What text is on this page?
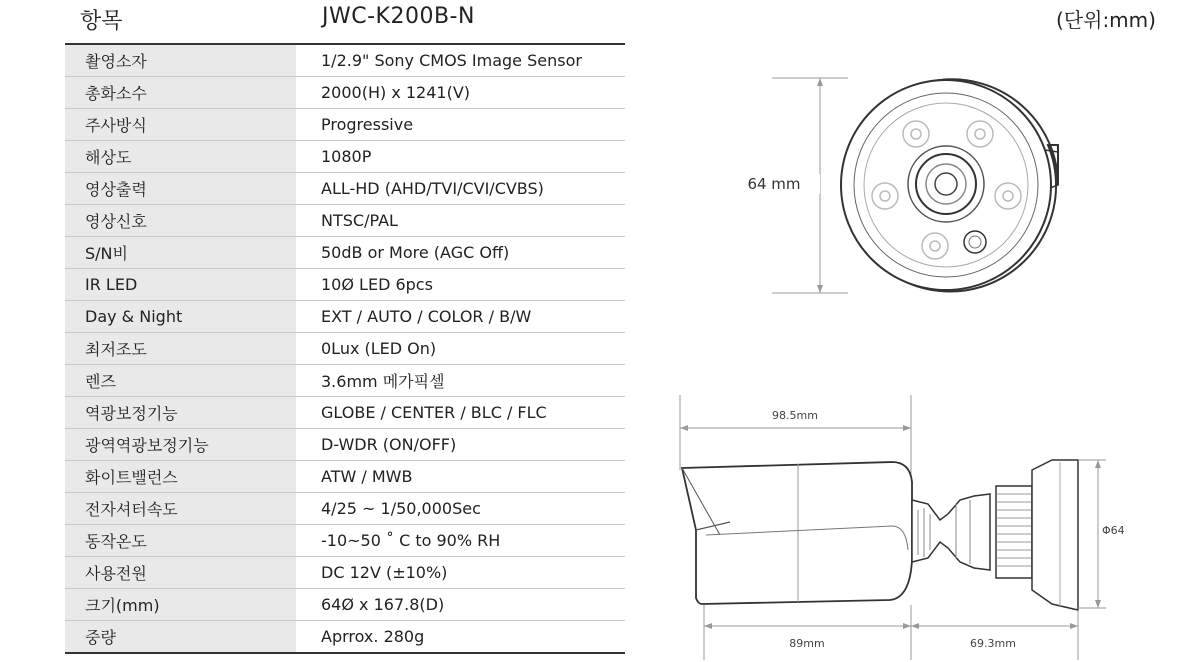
항목	JWC-K200B-N	(단위:mm)
촬영소자	1/2.9" Sony CMOS Image Sensor
총화소수	2000(H) x 1241(V)
주사방식	Progressive
해상도	1080P
영상출력	ALL-HD (AHD/TVI/CVI/CVBS)
영상신호	NTSC/PAL
S/N비	50dB or More (AGC Off)
IR LED	10Ø LED 6pcs
Day & Night	EXT / AUTO / COLOR / B/W
최저조도	0Lux (LED On)
렌즈	3.6mm 메가픽셀
역광보정기능	GLOBE / CENTER / BLC / FLC
광역역광보정기능	D-WDR (ON/OFF)
화이트밸런스	ATW / MWB
전자셔터속도	4/25 ~ 1/50,000Sec
동작온도	-10~50 ˚ C to 90% RH
사용전원	DC 12V (±10%)
크기(mm)	64Ø x 167.8(D)
중량	Aprrox. 280g
64 mm
98.5mm
Φ64
89mm	69.3mm
